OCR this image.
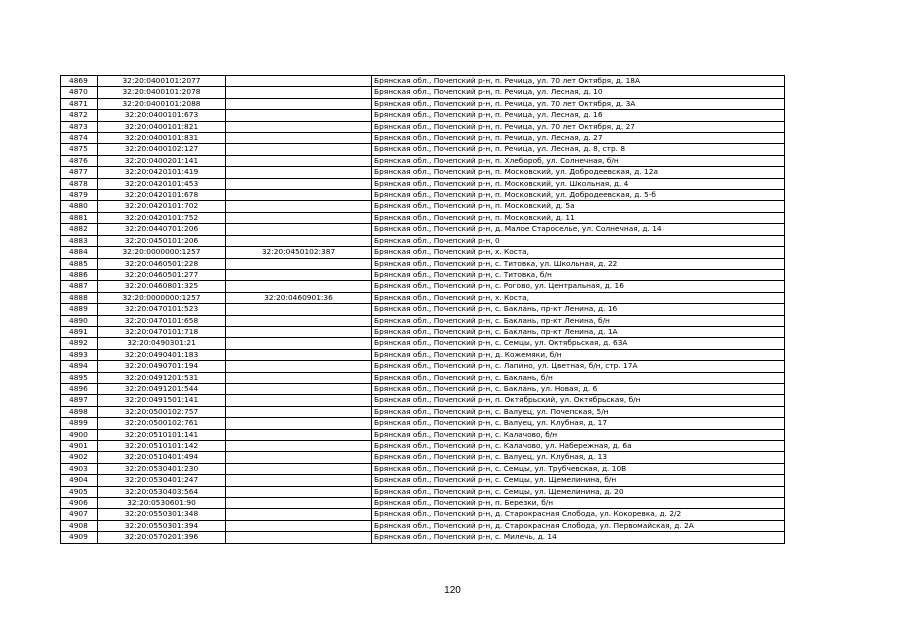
4869	32:20:0400101:2077		Брянская обл., Почепский р-н, п. Речица, ул. 70 лет Октября, д. 18А
4870	32:20:0400101:2078		Брянская обл., Почепский р-н, п. Речица, ул. Лесная, д. 10
4871	32:20:0400101:2088		Брянская обл., Почепский р-н, п. Речица, ул. 70 лет Октября, д. 3А
4872	32:20:0400101:673		Брянская обл., Почепский р-н, п. Речица, ул. Лесная, д. 16
4873	32:20:0400101:821		Брянская обл., Почепский р-н, п. Речица, ул. 70 лет Октября, д. 27
4874	32:20:0400101:831		Брянская обл., Почепский р-н, п. Речица, ул. Лесная, д. 27
4875	32:20:0400102:127		Брянская обл., Почепский р-н, п. Речица, ул. Лесная, д. 8, стр. 8
4876	32:20:0400201:141		Брянская обл., Почепский р-н, п. Хлебороб, ул. Солнечная, б/н
4877	32:20:0420101:419		Брянская обл., Почепский р-н, п. Московский, ул. Добродеевская, д. 12а
4878	32:20:0420101:453		Брянская обл., Почепский р-н, п. Московский, ул. Школьная, д. 4
4879	32:20:0420101:678		Брянская обл., Почепский р-н, п. Московский, ул. Добродеевская, д. 5-б
4880	32:20:0420101:702		Брянская обл., Почепский р-н, п. Московский, д. 5а
4881	32:20:0420101:752		Брянская обл., Почепский р-н, п. Московский, д. 11
4882	32:20:0440701:206		Брянская обл., Почепский р-н, д. Малое Староселье, ул. Солнечная, д. 14
4883	32:20:0450101:206		Брянская обл., Почепский р-н, 0
4884	32:20:0000000:1257	32:20:0450102:387	Брянская обл., Почепский р-н, х. Коста,
4885	32:20:0460501:228		Брянская обл., Почепский р-н, с. Титовка, ул. Школьная, д. 22
4886	32:20:0460501:277		Брянская обл., Почепский р-н, с. Титовка, б/н
4887	32:20:0460801:325		Брянская обл., Почепский р-н, с. Рогово, ул. Центральная, д. 16
4888	32:20:0000000:1257	32:20:0460901:36	Брянская обл., Почепский р-н, х. Коста,
4889	32:20:0470101:523		Брянская обл., Почепский р-н, с. Баклань, пр-кт Ленина, д. 16
4890	32:20:0470101:658		Брянская обл., Почепский р-н, с. Баклань, пр-кт Ленина, б/н
4891	32:20:0470101:718		Брянская обл., Почепский р-н, с. Баклань, пр-кт Ленина, д. 1А
4892	32:20:0490301:21		Брянская обл., Почепский р-н, с. Семцы, ул. Октябрьская, д. 63А
4893	32:20:0490401:183		Брянская обл., Почепский р-н, д. Кожемяки, б/н
4894	32:20:0490701:194		Брянская обл., Почепский р-н, с. Лапино, ул. Цветная, б/н, стр. 17А
4895	32:20:0491201:531		Брянская обл., Почепский р-н, с. Баклань, б/н
4896	32:20:0491201:544		Брянская обл., Почепский р-н, с. Баклань, ул. Новая, д. 6
4897	32:20:0491501:141		Брянская обл., Почепский р-н, п. Октябрьский, ул. Октябрьская, б/н
4898	32:20:0500102:757		Брянская обл., Почепский р-н, с. Валуец, ул. Почепская, 5/н
4899	32:20:0500102:761		Брянская обл., Почепский р-н, с. Валуец, ул. Клубная, д. 17
4900	32:20:0510101:141		Брянская обл., Почепский р-н, с. Калачово, б/н
4901	32:20:0510101:142		Брянская обл., Почепский р-н, с. Калачово, ул. Набережная, д. 6а
4902	32:20:0510401:494		Брянская обл., Почепский р-н, с. Валуец, ул. Клубная, д. 13
4903	32:20:0530401:230		Брянская обл., Почепский р-н, с. Семцы, ул. Трубчевская, д. 10В
4904	32:20:0530401:247		Брянская обл., Почепский р-н, с. Семцы, ул. Щемелинина, б/н
4905	32:20:0530403:564		Брянская обл., Почепский р-н, с. Семцы, ул. Щемелинина, д. 20
4906	32:20:0530601:90		Брянская обл., Почепский р-н, п. Березки, б/н
4907	32:20:0550301:348		Брянская обл., Почепский р-н, д. Старокрасная Слобода, ул. Кокоревка, д. 2/2
4908	32:20:0550301:394		Брянская обл., Почепский р-н, д. Старокрасная Слобода, ул. Первомайская, д. 2А
4909	32:20:0570201:396		Брянская обл., Почепский р-н, с. Милечь, д. 14
120
